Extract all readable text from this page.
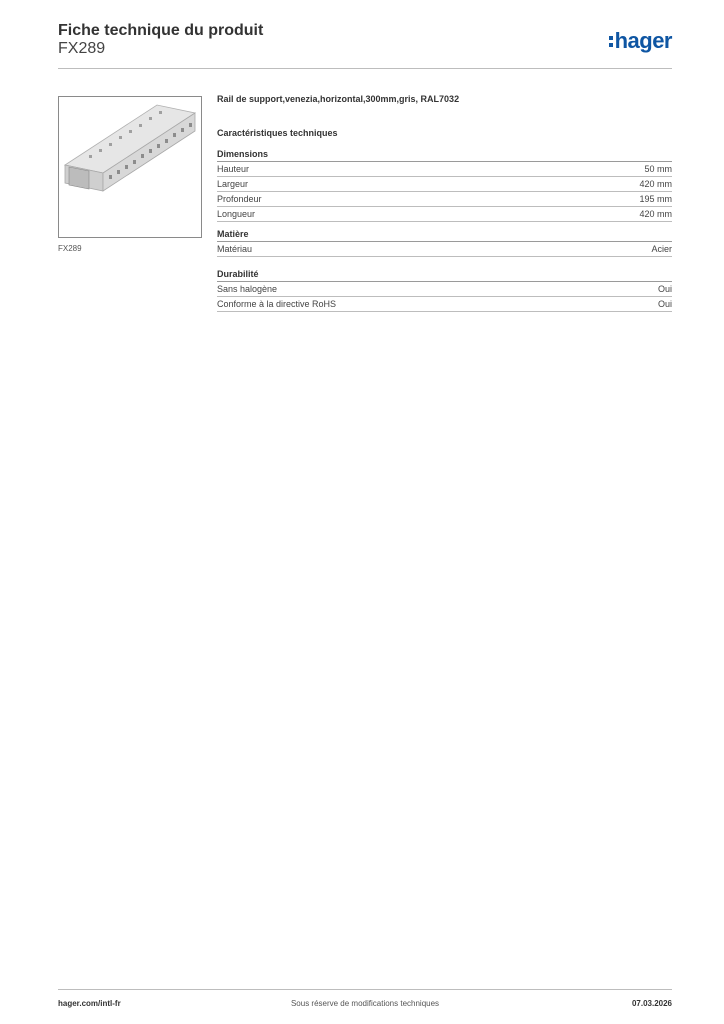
Fiche technique du produit
FX289	hager
FX289
Rail de support,venezia,horizontal,300mm,gris, RAL7032
Caractéristiques techniques
Dimensions
Hauteur	50 mm
Largeur	420 mm
Profondeur	195 mm
Longueur	420 mm
Matière
Matériau	Acier
Durabilité
Sans halogène	Oui
Conforme à la directive RoHS	Oui
hager.com/intl-fr	Sous réserve de modifications techniques	07.03.2026
